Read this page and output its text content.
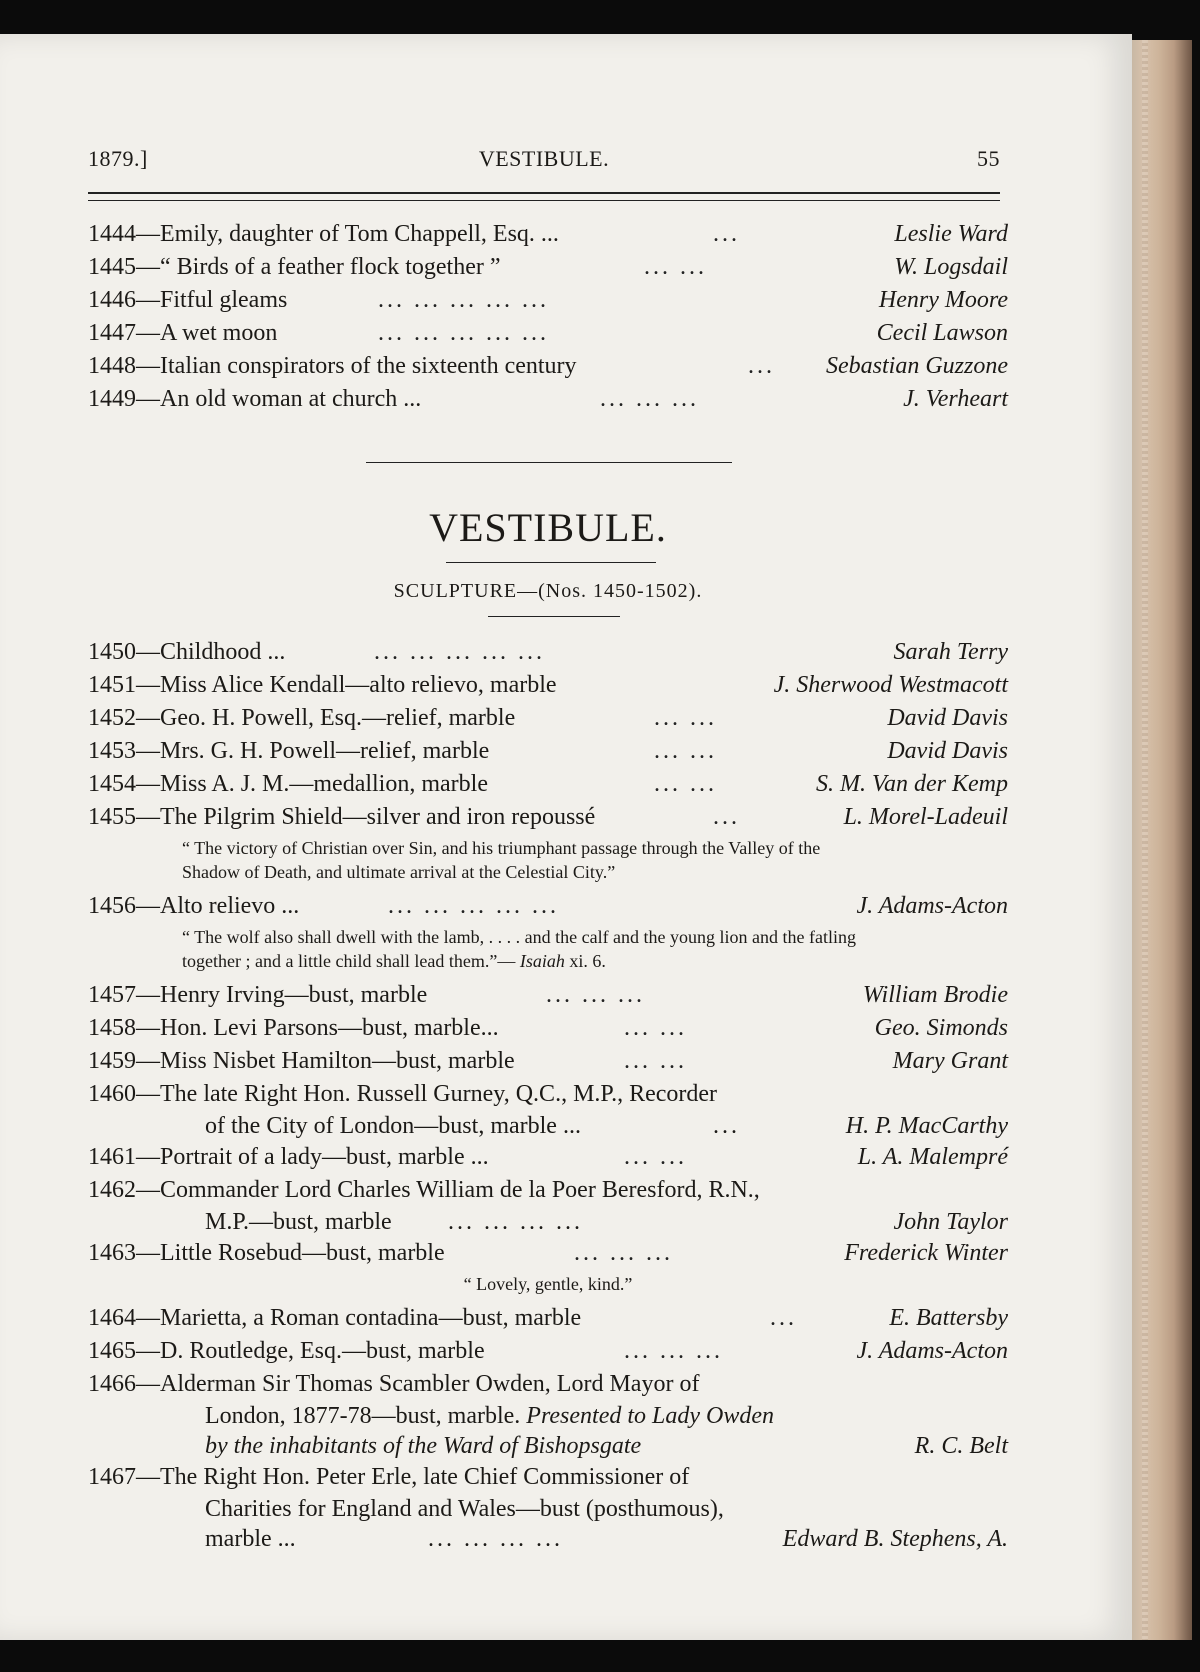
1879.]	VESTIBULE.	55
1444—Emily, daughter of Tom Chappell, Esq. ...	...	Leslie Ward
1445—“ Birds of a feather flock together ”	... ...	W. Logsdail
1446—Fitful gleams	... ... ... ... ...	Henry Moore
1447—A wet moon	... ... ... ... ...	Cecil Lawson
1448—Italian conspirators of the sixteenth century	... Sebastian Guzzone
1449—An old woman at church ...	... ... ...	J. Verheart
VESTIBULE.
SCULPTURE—(Nos. 1450-1502).
1450—Childhood ...	... ... ... ... ...	Sarah Terry
1451—Miss Alice Kendall—alto relievo, marble	J. Sherwood Westmacott
1452—Geo. H. Powell, Esq.—relief, marble	... ...	David Davis
1453—Mrs. G. H. Powell—relief, marble	... ...	David Davis
1454—Miss A. J. M.—medallion, marble	... ...	S. M. Van der Kemp
1455—The Pilgrim Shield—silver and iron repoussé	...	L. Morel-Ladeuil
“ The victory of Christian over Sin, and his triumphant passage through the Valley of the Shadow of Death, and ultimate arrival at the Celestial City.”
1456—Alto relievo ...	... ... ... ... ...	J. Adams-Acton
“ The wolf also shall dwell with the lamb, . . . . and the calf and the young lion and the fatling together ; and a little child shall lead them.”— Isaiah xi. 6.
1457—Henry Irving—bust, marble	... ... ...	William Brodie
1458—Hon. Levi Parsons—bust, marble...	... ...	Geo. Simonds
1459—Miss Nisbet Hamilton—bust, marble	... ...	Mary Grant
1460—The late Right Hon. Russell Gurney, Q.C., M.P., Recorder
of the City of London—bust, marble ...	...	H. P. MacCarthy
1461—Portrait of a lady—bust, marble ...	... ...	L. A. Malempré
1462—Commander Lord Charles William de la Poer Beresford, R.N.,
M.P.—bust, marble ... ... ... ...	John Taylor
1463—Little Rosebud—bust, marble	... ... ...	Frederick Winter
“ Lovely, gentle, kind.”
1464—Marietta, a Roman contadina—bust, marble	...	E. Battersby
1465—D. Routledge, Esq.—bust, marble	... ... ...	J. Adams-Acton
1466—Alderman Sir Thomas Scambler Owden, Lord Mayor of
London, 1877-78—bust, marble. Presented to Lady Owden
by the inhabitants of the Ward of Bishopsgate	R. C. Belt
1467—The Right Hon. Peter Erle, late Chief Commissioner of
Charities for England and Wales—bust (posthumous),
marble ...	... ... ... ...	Edward B. Stephens, A.
